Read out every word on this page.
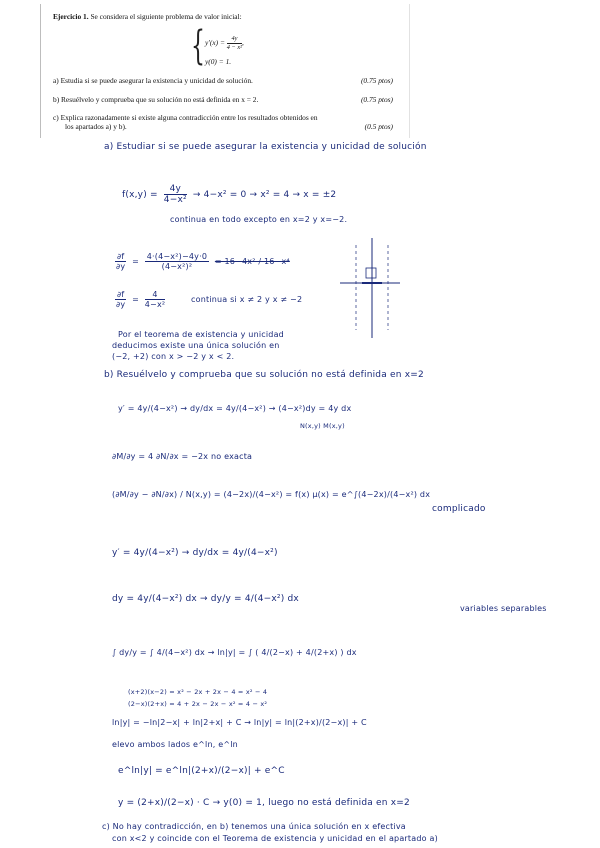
Ejercicio 1. Se considera el siguiente problema de valor inicial:
{ $y'(x) = \frac{4y}{\text{4 − x²}}$ ,
y(0) = 1.
a) Estudia si se puede asegurar la existencia y unicidad de solución.	(0.75 ptos)
b) Resuélvelo y comprueba que su solución no está definida en x = 2.	(0.75 ptos)
c) Explica razonadamente si existe alguna contradicción entre los resultados obtenidos en
los apartados a) y b).	(0.5 ptos)
a) Estudiar si se puede asegurar la existencia y unicidad de solución
$f(x,y) = \frac{4y}{\text{4−x²}} \to 4-x^2 = 0 \to x^2 = 4 \to x = \pm 2$
continua en todo excepto en x=2 y x=−2.
$\frac{\partial f}{\partial y} = \frac{\text{4·(4−x²)−4y·0}}{\text{(4−x²)²}} = 16-4x^2 / 16-x^4$
$\frac{\partial f}{\partial y} = \frac{4}{\text{4−x²}}$	continua si x ≠ 2 y x ≠ −2
Por el teorema de existencia y unicidad
deducimos existe una única solución en
(−2, +2) con x > −2 y x < 2.
b) Resuélvelo y comprueba que su solución no está definida en x=2
y′ = 4y/(4−x²) → dy/dx = 4y/(4−x²) → (4−x²)dy = 4y dx
N(x,y) M(x,y)
∂M/∂y = 4 ∂N/∂x = −2x no exacta
(∂M/∂y − ∂N/∂x) / N(x,y) = (4−2x)/(4−x²) = f(x) μ(x) = e^∫(4−2x)/(4−x²) dx
complicado
y′ = 4y/(4−x²) → dy/dx = 4y/(4−x²)
dy = 4y/(4−x²) dx → dy/y = 4/(4−x²) dx
variables separables
∫ dy/y = ∫ 4/(4−x²) dx → ln|y| = ∫ ( 4/(2−x) + 4/(2+x) ) dx
(x+2)(x−2) = x² − 2x + 2x − 4 = x² − 4
(2−x)(2+x) = 4 + 2x − 2x − x² = 4 − x²
ln|y| = −ln|2−x| + ln|2+x| + C → ln|y| = ln|(2+x)/(2−x)| + C
elevo ambos lados e^ln, e^ln
e^ln|y| = e^ln|(2+x)/(2−x)| + e^C
y = (2+x)/(2−x) · C → y(0) = 1, luego no está definida en x=2
c) No hay contradicción, en b) tenemos una única solución en x efectiva
con x<2 y coincide con el Teorema de existencia y unicidad en el apartado a)
